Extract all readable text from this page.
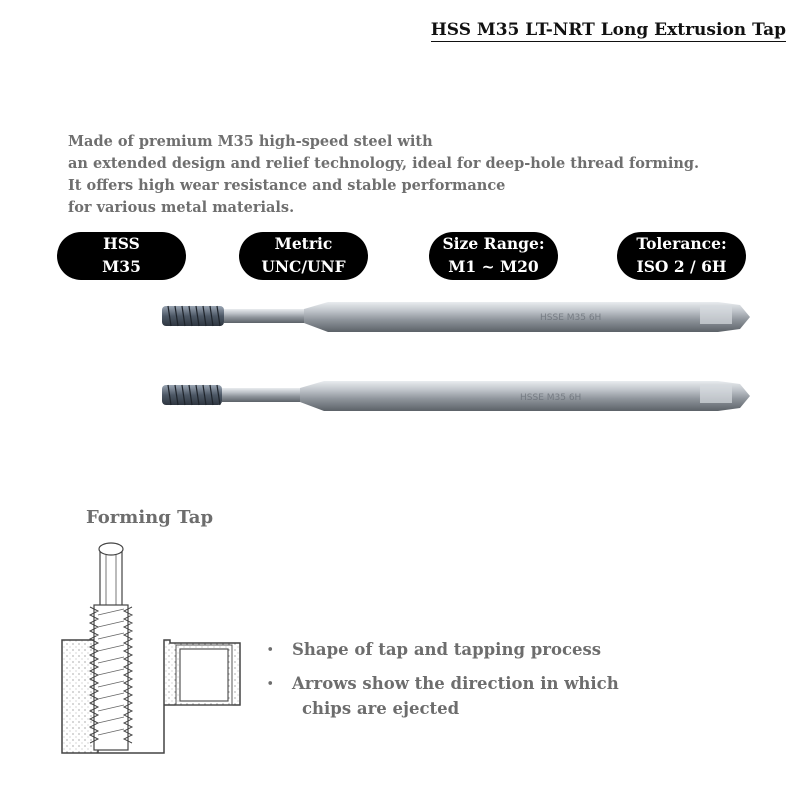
HSS M35 LT-NRT Long Extrusion Tap
Made of premium M35 high-speed steel with
an extended design and relief technology, ideal for deep-hole thread forming.
It offers high wear resistance and stable performance
for various metal materials.
HSS
M35
Metric
UNC/UNF
Size Range:
M1 ~ M20
Tolerance:
ISO 2 / 6H
HSSE M35 6H
HSSE M35 6H
Forming Tap
・ Shape of tap and tapping process
・ Arrows show the direction in which
chips are ejected
